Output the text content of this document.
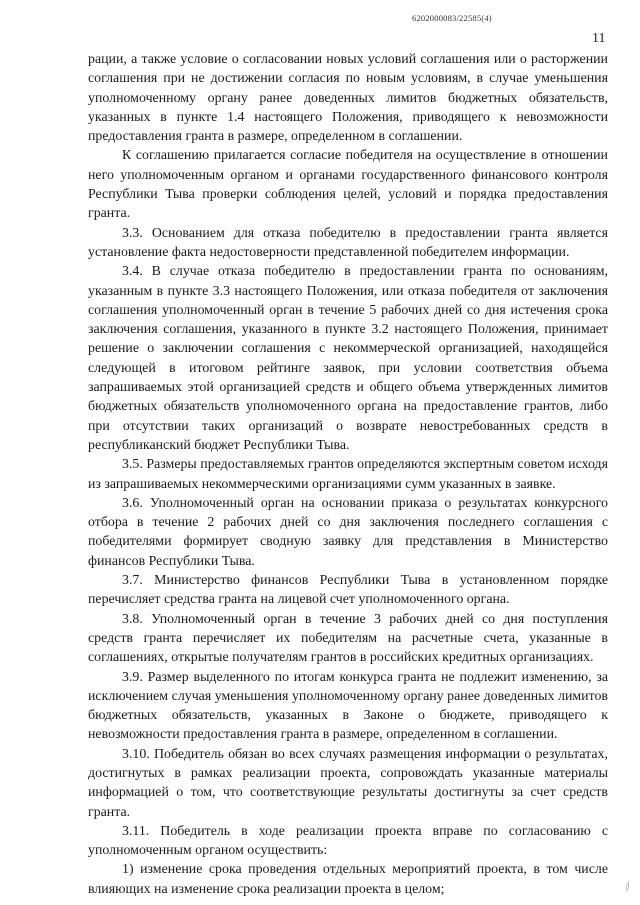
6202000083/22585(4)
11

рации, а также условие о согласовании новых условий соглашения или о расторжении соглашения при не достижении согласия по новым условиям, в случае уменьшения уполномоченному органу ранее доведенных лимитов бюджетных обязательств, указанных в пункте 1.4 настоящего Положения, приводящего к невозможности предоставления гранта в размере, определенном в соглашении.

К соглашению прилагается согласие победителя на осуществление в отношении него уполномоченным органом и органами государственного финансового контроля Республики Тыва проверки соблюдения целей, условий и порядка предоставления гранта.

3.3. Основанием для отказа победителю в предоставлении гранта является установление факта недостоверности представленной победителем информации.

3.4. В случае отказа победителю в предоставлении гранта по основаниям, указанным в пункте 3.3 настоящего Положения, или отказа победителя от заключения соглашения уполномоченный орган в течение 5 рабочих дней со дня истечения срока заключения соглашения, указанного в пункте 3.2 настоящего Положения, принимает решение о заключении соглашения с некоммерческой организацией, находящейся следующей в итоговом рейтинге заявок, при условии соответствия объема запрашиваемых этой организацией средств и общего объема утвержденных лимитов бюджетных обязательств уполномоченного органа на предоставление грантов, либо при отсутствии таких организаций о возврате невостребованных средств в республиканский бюджет Республики Тыва.

3.5. Размеры предоставляемых грантов определяются экспертным советом исходя из запрашиваемых некоммерческими организациями сумм указанных в заявке.

3.6. Уполномоченный орган на основании приказа о результатах конкурсного отбора в течение 2 рабочих дней со дня заключения последнего соглашения с победителями формирует сводную заявку для представления в Министерство финансов Республики Тыва.

3.7. Министерство финансов Республики Тыва в установленном порядке перечисляет средства гранта на лицевой счет уполномоченного органа.

3.8. Уполномоченный орган в течение 3 рабочих дней со дня поступления средств гранта перечисляет их победителям на расчетные счета, указанные в соглашениях, открытые получателям грантов в российских кредитных организациях.

3.9. Размер выделенного по итогам конкурса гранта не подлежит изменению, за исключением случая уменьшения уполномоченному органу ранее доведенных лимитов бюджетных обязательств, указанных в Законе о бюджете, приводящего к невозможности предоставления гранта в размере, определенном в соглашении.

3.10. Победитель обязан во всех случаях размещения информации о результатах, достигнутых в рамках реализации проекта, сопровождать указанные материалы информацией о том, что соответствующие результаты достигнуты за счет средств гранта.

3.11. Победитель в ходе реализации проекта вправе по согласованию с уполномоченным органом осуществить:

1) изменение срока проведения отдельных мероприятий проекта, в том числе влияющих на изменение срока реализации проекта в целом;	⁄⁄
